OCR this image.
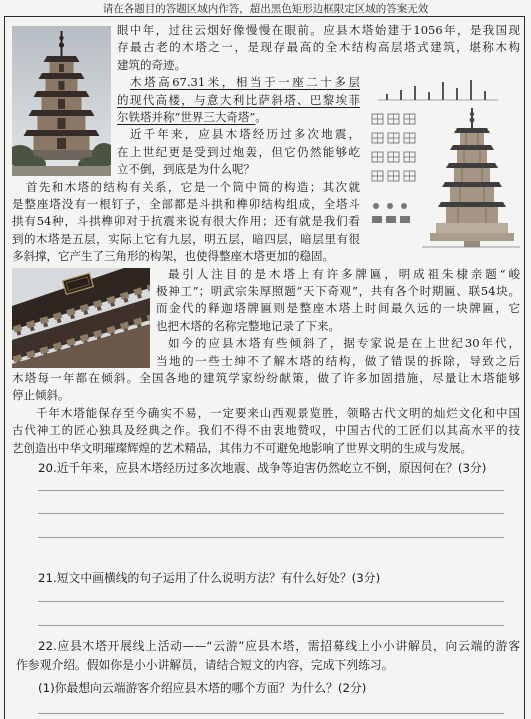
请在各题目的答题区域内作答，超出黑色矩形边框限定区域的答案无效
眼中年，过往云烟好像慢慢在眼前。应县木塔始建于1056年，是我国现
存最古老的木塔之一，是现存最高的全木结构高层塔式建筑，堪称木构
建筑的奇迹。
木塔高67.31米，相当于一座二十多层
的现代高楼，与意大利比萨斜塔、巴黎埃菲
尔铁塔并称“世界三大奇塔”。
近千年来，应县木塔经历过多次地震，
在上世纪更是受到过炮轰，但它仍然能够屹
立不倒，到底是为什么呢？
首先和木塔的结构有关系，它是一个筒中筒的构造；其次就
是整座塔没有一根钉子，全部都是斗拱和榫卯结构组成，全塔斗
拱有54种，斗拱榫卯对于抗震来说有很大作用；还有就是我们看
到的木塔是五层，实际上它有九层，明五层，暗四层，暗层里有很
多斜撑，它产生了三角形的构架，也使得整座木塔更加的稳固。
最引人注目的是木塔上有许多牌匾，明成祖朱棣亲题“峻
极神工”；明武宗朱厚照题“天下奇观”，共有各个时期匾、联54块。
而金代的释迦塔牌匾则是整座木塔上时间最久远的一块牌匾，它
也把木塔的名称完整地记录了下来。
如今的应县木塔有些倾斜了，据专家说是在上世纪30年代，
当地的一些士绅不了解木塔的结构，做了错误的拆除，导致之后
木塔每一年都在倾斜。全国各地的建筑学家纷纷献策，做了许多加固措施，尽量让木塔能够
停止倾斜。
千年木塔能保存至今确实不易，一定要来山西观景览胜，领略古代文明的灿烂文化和中国
古代神工的匠心独具及经典之作。我们不得不由衷地赞叹，中国古代的工匠们以其高水平的技
艺创造出中华文明璀璨辉煌的艺术精品，其伟力不可避免地影响了世界文明的生成与发展。
20.近千年来，应县木塔经历过多次地震、战争等迫害仍然屹立不倒，原因何在？(3分)
21.短文中画横线的句子运用了什么说明方法？有什么好处？(3分)
22.应县木塔开展线上活动——“云游”应县木塔，需招募线上小小讲解员，向云端的游客
作参观介绍。假如你是小小讲解员，请结合短文的内容，完成下列练习。
(1)你最想向云端游客介绍应县木塔的哪个方面？为什么？(2分)
